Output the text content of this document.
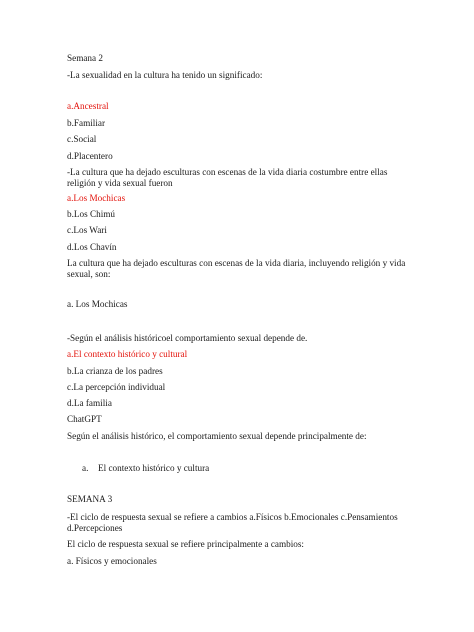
Semana 2
-La sexualidad en la cultura ha tenido un significado:
a.Ancestral
b.Familiar
c.Social
d.Placentero
-La cultura que ha dejado esculturas con escenas de la vida diaria costumbre entre ellas religión y vida sexual fueron
a.Los Mochicas
b.Los Chimú
c.Los Wari
d.Los Chavín
La cultura que ha dejado esculturas con escenas de la vida diaria, incluyendo religión y vida sexual, son:
a. Los Mochicas
-Según el análisis históricoel comportamiento sexual depende de.
a.El contexto histórico y cultural
b.La crianza de los padres
c.La percepción individual
d.La familia
ChatGPT
Según el análisis histórico, el comportamiento sexual depende principalmente de:
a.	El contexto histórico y cultura
SEMANA 3
-El ciclo de respuesta sexual se refiere a cambios a.Físicos b.Emocionales c.Pensamientos d.Percepciones
El ciclo de respuesta sexual se refiere principalmente a cambios:
a. Físicos y emocionales
